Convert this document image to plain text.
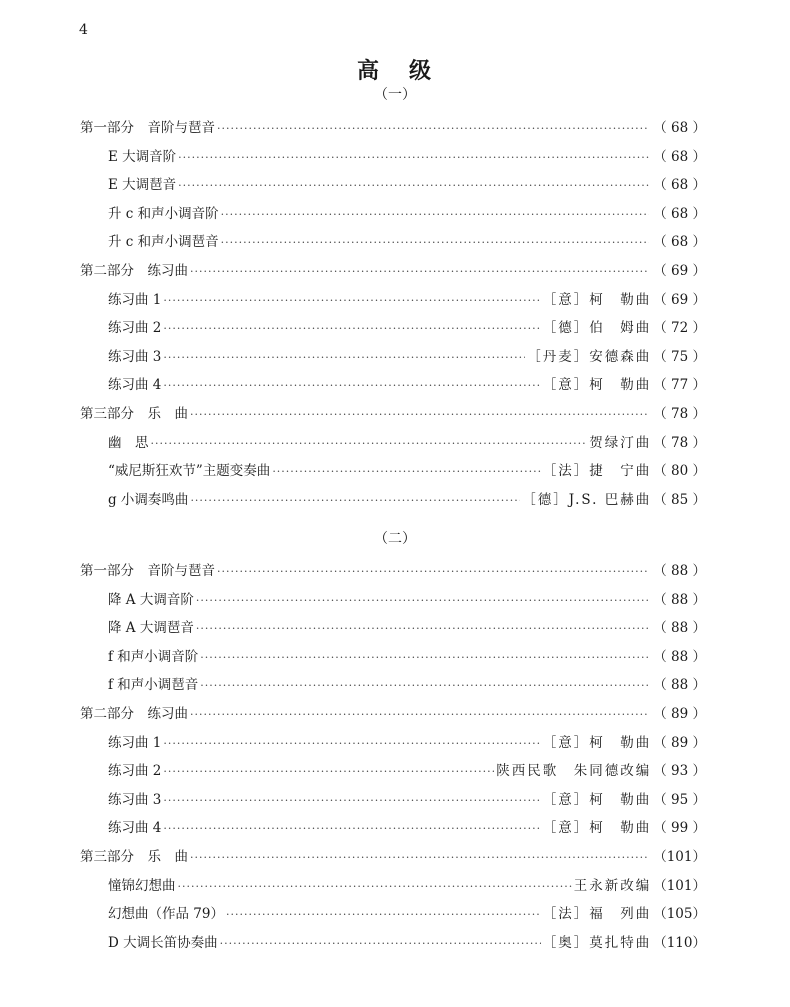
4
高 级
（一）
第一部分　音阶与琶音 ·····	（ 68 ）
E 大调音阶 ·····	（ 68 ）
E 大调琶音 ·····	（ 68 ）
升 c 和声小调音阶 ·····	（ 68 ）
升 c 和声小调琶音 ·····	（ 68 ）
第二部分　练习曲 ·····	（ 69 ）
练习曲 1 ·····	［意］柯　勒曲 （ 69 ）
练习曲 2 ·····	［德］伯　姆曲 （ 72 ）
练习曲 3 ·····	［丹麦］安德森曲 （ 75 ）
练习曲 4 ·····	［意］柯　勒曲 （ 77 ）
第三部分　乐　曲 ·····	（ 78 ）
幽　思 ·····	贺绿汀曲 （ 78 ）
“威尼斯狂欢节”主题变奏曲 ·····	［法］捷　宁曲 （ 80 ）
g 小调奏鸣曲 ·····	［德］J.S. 巴赫曲 （ 85 ）
（二）
第一部分　音阶与琶音 ·····	（ 88 ）
降 A 大调音阶 ·····	（ 88 ）
降 A 大调琶音 ·····	（ 88 ）
f 和声小调音阶 ·····	（ 88 ）
f 和声小调琶音 ·····	（ 88 ）
第二部分　练习曲 ·····	（ 89 ）
练习曲 1 ·····	［意］柯　勒曲 （ 89 ）
练习曲 2 ·····	陕西民歌　朱同德改编 （ 93 ）
练习曲 3 ·····	［意］柯　勒曲 （ 95 ）
练习曲 4 ·····	［意］柯　勒曲 （ 99 ）
第三部分　乐　曲 ·····	（101）
憧锦幻想曲 ·····	王永新改编 （101）
幻想曲（作品 79） ·····	［法］福　列曲 （105）
D 大调长笛协奏曲 ·····	［奥］莫扎特曲 （110）
